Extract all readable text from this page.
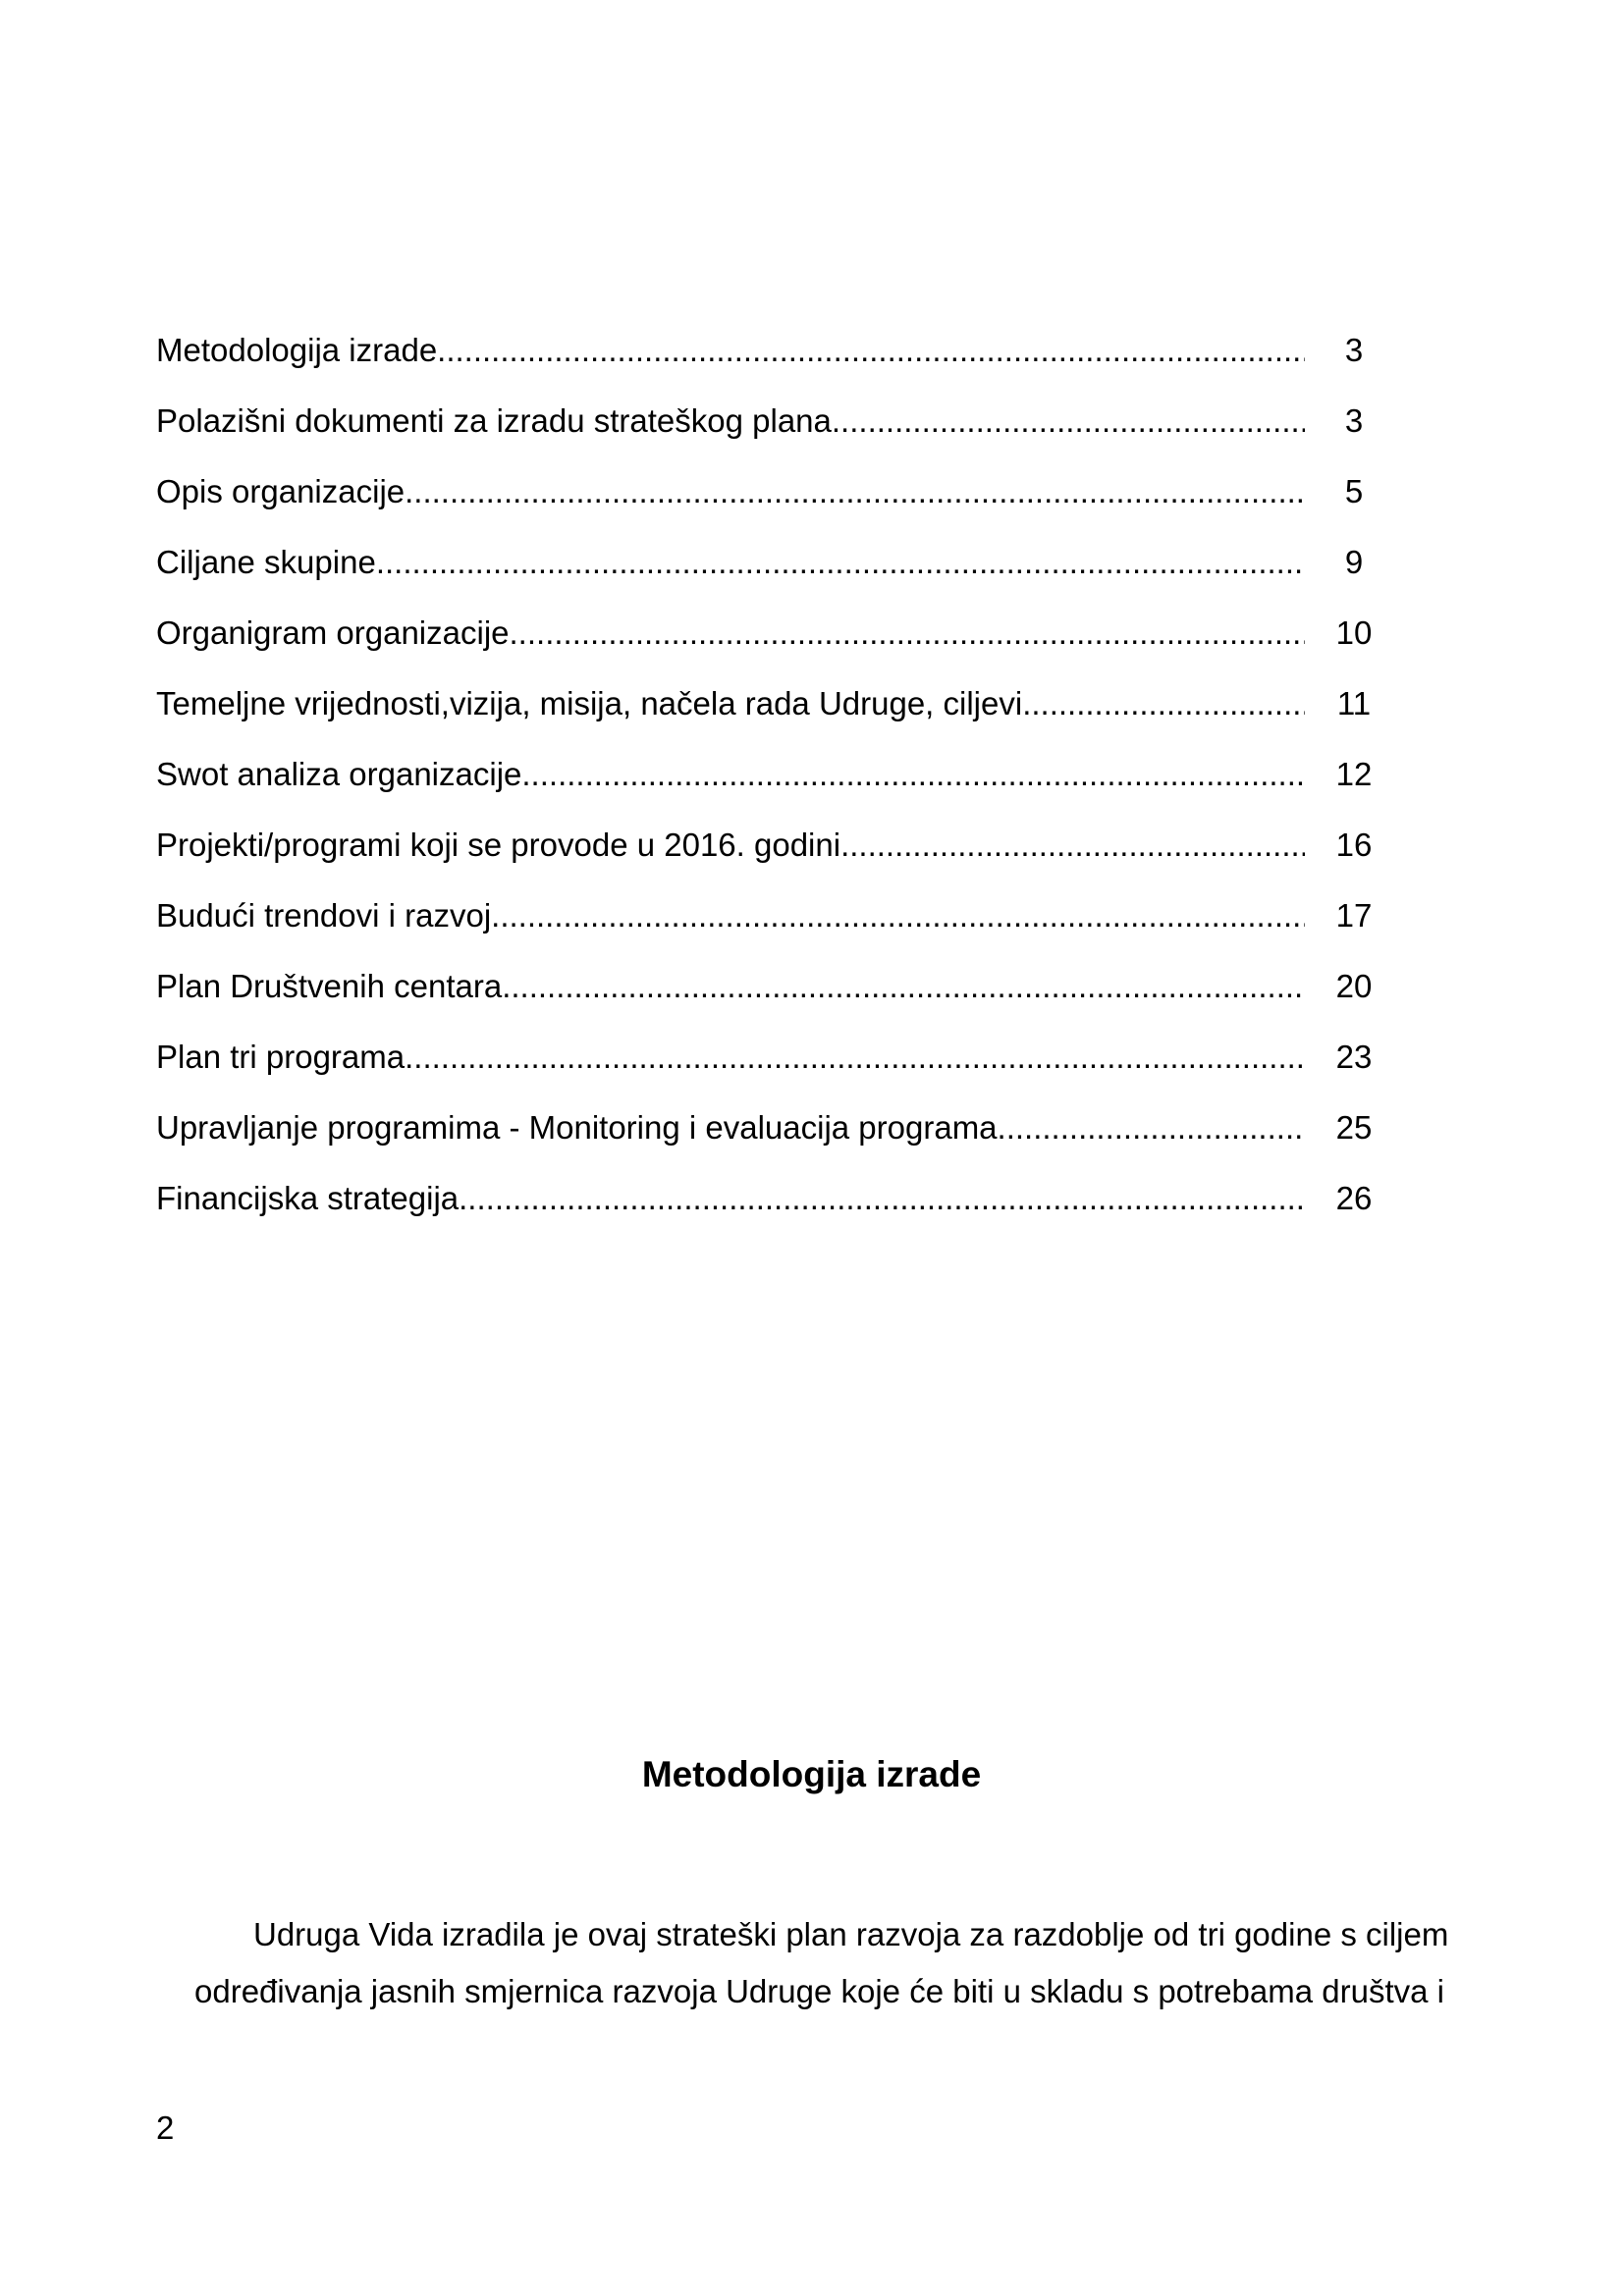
Metodologija izrade .....	3
Polazišni dokumenti za izradu strateškog plana .....	3
Opis organizacije .....	5
Ciljane skupine .....	9
Organigram organizacije .....	10
Temeljne vrijednosti,vizija, misija, načela rada Udruge, ciljevi .....	11
Swot analiza organizacije .....	12
Projekti/programi koji se provode u 2016. godini .....	16
Budući trendovi i razvoj .....	17
Plan Društvenih centara .....	20
Plan tri programa .....	23
Upravljanje programima - Monitoring i evaluacija programa .....	25
Financijska strategija .....	26
Metodologija izrade

Udruga Vida izradila je ovaj strateški plan razvoja za razdoblje od tri godine s ciljem
određivanja jasnih smjernica razvoja Udruge koje će biti u skladu s potrebama društva i

2
